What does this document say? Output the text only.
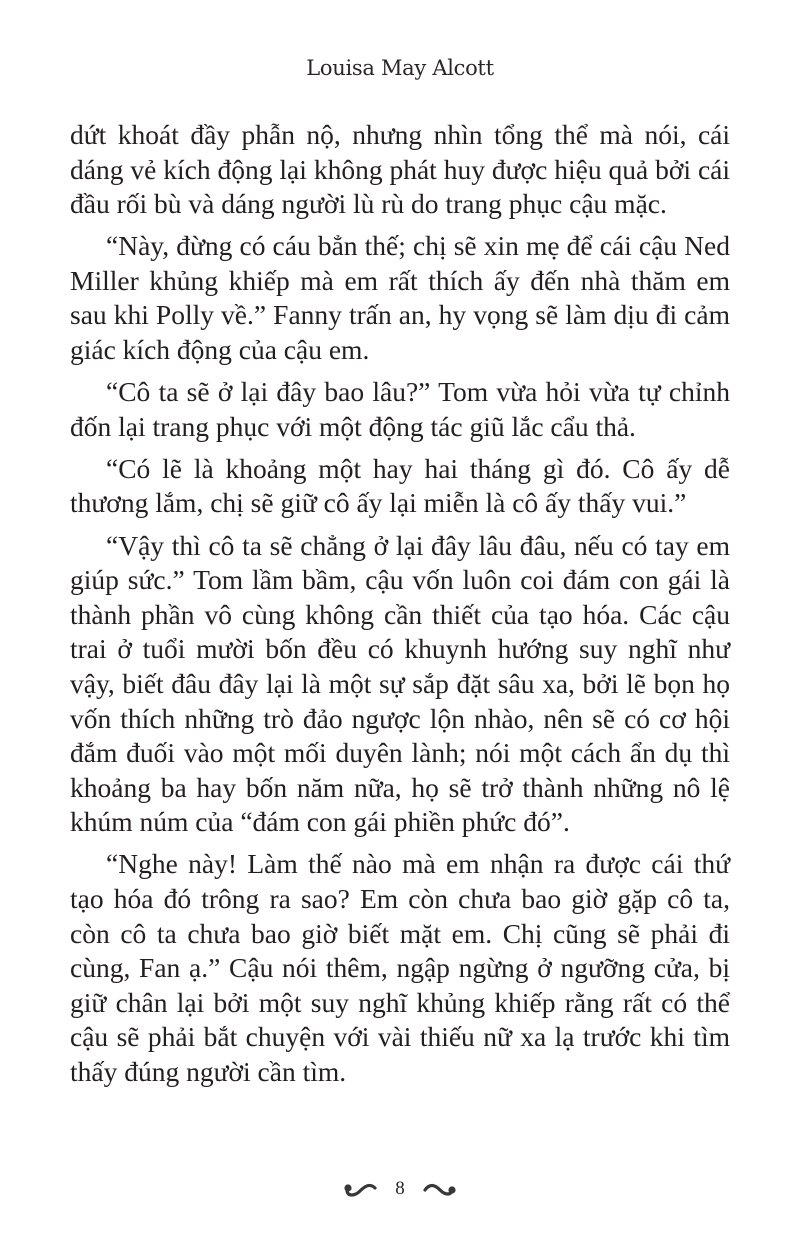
Louisa May Alcott

dứt khoát đầy phẫn nộ, nhưng nhìn tổng thể mà nói, cái dáng vẻ kích động lại không phát huy được hiệu quả bởi cái đầu rối bù và dáng người lù rù do trang phục cậu mặc.

“Này, đừng có cáu bẳn thế; chị sẽ xin mẹ để cái cậu Ned Miller khủng khiếp mà em rất thích ấy đến nhà thăm em sau khi Polly về.” Fanny trấn an, hy vọng sẽ làm dịu đi cảm giác kích động của cậu em.

“Cô ta sẽ ở lại đây bao lâu?” Tom vừa hỏi vừa tự chỉnh đốn lại trang phục với một động tác giũ lắc cẩu thả.

“Có lẽ là khoảng một hay hai tháng gì đó. Cô ấy dễ thương lắm, chị sẽ giữ cô ấy lại miễn là cô ấy thấy vui.”

“Vậy thì cô ta sẽ chẳng ở lại đây lâu đâu, nếu có tay em giúp sức.” Tom lầm bầm, cậu vốn luôn coi đám con gái là thành phần vô cùng không cần thiết của tạo hóa. Các cậu trai ở tuổi mười bốn đều có khuynh hướng suy nghĩ như vậy, biết đâu đây lại là một sự sắp đặt sâu xa, bởi lẽ bọn họ vốn thích những trò đảo ngược lộn nhào, nên sẽ có cơ hội đắm đuối vào một mối duyên lành; nói một cách ẩn dụ thì khoảng ba hay bốn năm nữa, họ sẽ trở thành những nô lệ khúm núm của “đám con gái phiền phức đó”.

“Nghe này! Làm thế nào mà em nhận ra được cái thứ tạo hóa đó trông ra sao? Em còn chưa bao giờ gặp cô ta, còn cô ta chưa bao giờ biết mặt em. Chị cũng sẽ phải đi cùng, Fan ạ.” Cậu nói thêm, ngập ngừng ở ngưỡng cửa, bị giữ chân lại bởi một suy nghĩ khủng khiếp rằng rất có thể cậu sẽ phải bắt chuyện với vài thiếu nữ xa lạ trước khi tìm thấy đúng người cần tìm.

8
